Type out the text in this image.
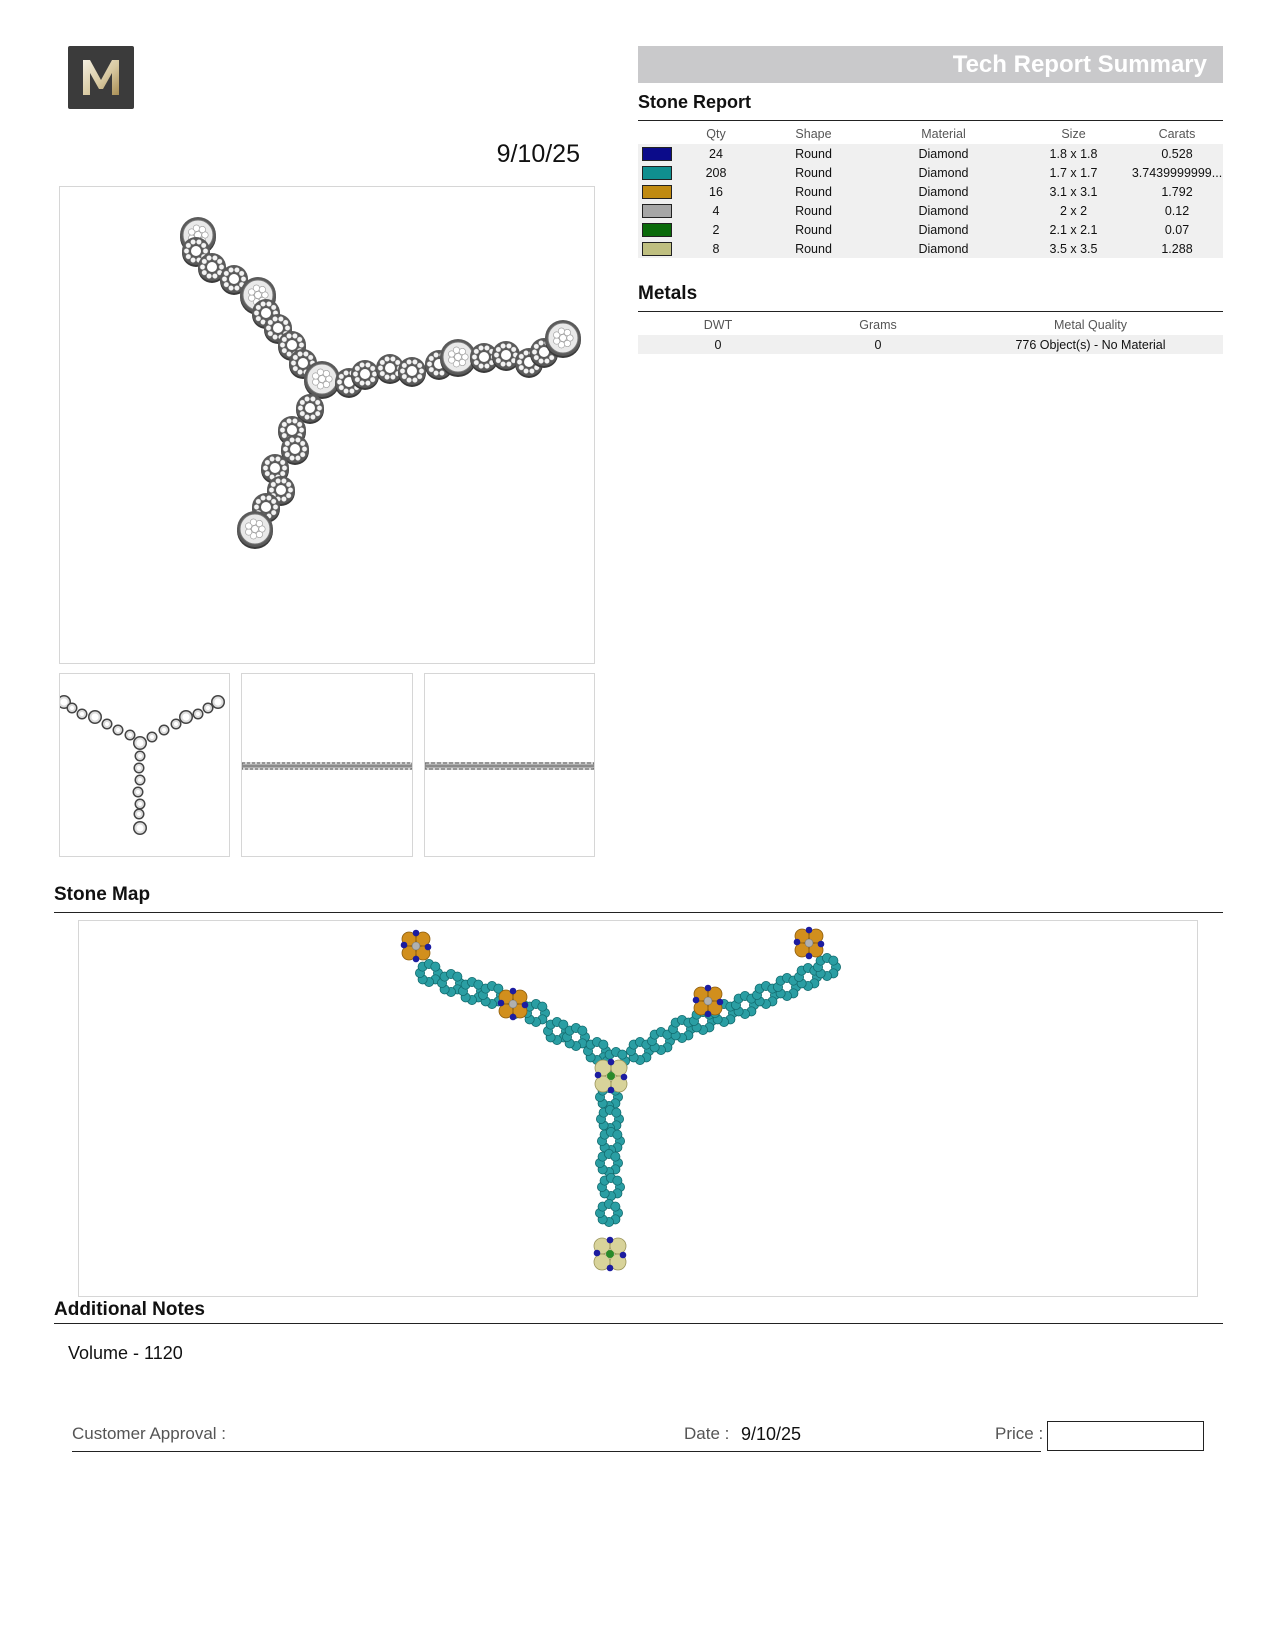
9/10/25
Tech Report Summary
Stone Report
	Qty	Shape	Material	Size	Carats

	24	Round	Diamond	1.8 x 1.8	0.528

	208	Round	Diamond	1.7 x 1.7	3.7439999999...

	16	Round	Diamond	3.1 x 3.1	1.792

	4	Round	Diamond	2 x 2	0.12

	2	Round	Diamond	2.1 x 2.1	0.07

	8	Round	Diamond	3.5 x 3.5	1.288
Metals
DWT	Grams	Metal Quality
0	0	776 Object(s) - No Material
Stone Map
Additional Notes
Volume - 1120
Customer Approval :	Date : 9/10/25	Price :
